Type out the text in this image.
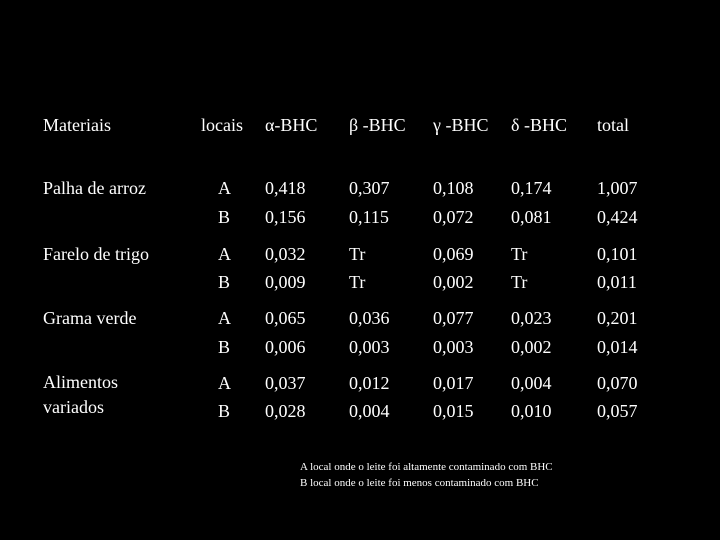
Materiais	locais α-BHC β -BHC γ -BHC δ -BHC total
Palha de arroz	A 0,418 0,307 0,108 0,174	1,007
B 0,156 0,115 0,072 0,081	0,424
Farelo de trigo	A 0,032 Tr	0,069 Tr	0,101
B 0,009 Tr	0,002 Tr	0,011
Grama verde	A 0,065 0,036 0,077 0,023	0,201
B 0,006 0,003 0,003 0,002	0,014
Alimentos variados
A 0,037 0,012 0,017 0,004	0,070
B 0,028 0,004 0,015 0,010	0,057
A local onde o leite foi altamente contaminado com BHC
B local onde o leite foi menos contaminado com BHC
